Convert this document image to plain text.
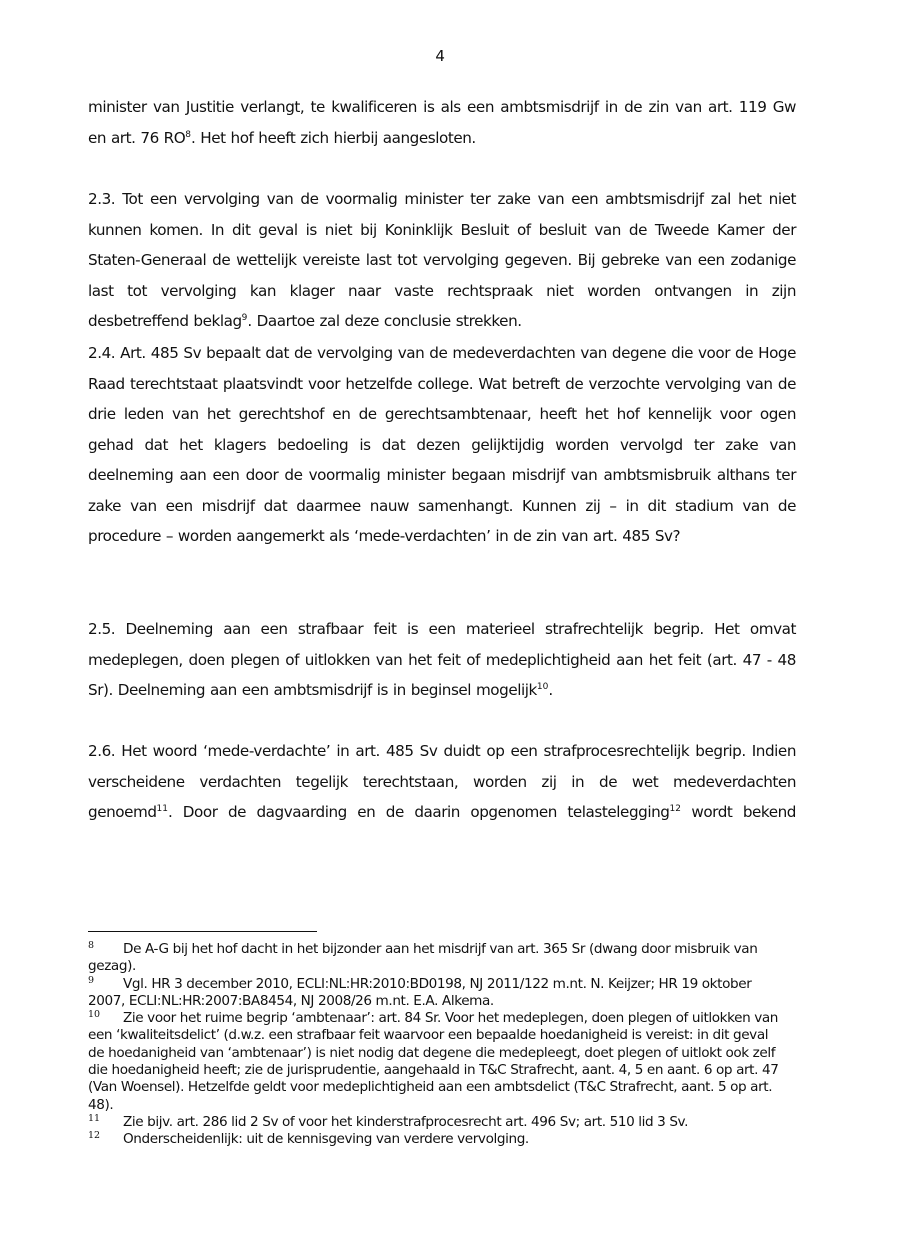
4

minister van Justitie verlangt, te kwalificeren is als een ambtsmisdrijf in de zin van art. 119 Gw en art. 76 $RO^8$. Het hof heeft zich hierbij aangesloten.

2.3. Tot een vervolging van de voormalig minister ter zake van een ambtsmisdrijf zal het niet kunnen komen. In dit geval is niet bij Koninklijk Besluit of besluit van de Tweede Kamer der Staten-Generaal de wettelijk vereiste last tot vervolging gegeven. Bij gebreke van een zodanige last tot vervolging kan klager naar vaste rechtspraak niet worden ontvangen in zijn desbetreffend beklag$^9$. Daartoe zal deze conclusie strekken.

2.4. Art. 485 Sv bepaalt dat de vervolging van de medeverdachten van degene die voor de Hoge Raad terechtstaat plaatsvindt voor hetzelfde college. Wat betreft de verzochte vervolging van de drie leden van het gerechtshof en de gerechtsambtenaar, heeft het hof kennelijk voor ogen gehad dat het klagers bedoeling is dat dezen gelijktijdig worden vervolgd ter zake van deelneming aan een door de voormalig minister begaan misdrijf van ambtsmisbruik althans ter zake van een misdrijf dat daarmee nauw samenhangt. Kunnen zij – in dit stadium van de procedure – worden aangemerkt als ‘mede-verdachten’ in de zin van art. 485 Sv?

2.5. Deelneming aan een strafbaar feit is een materieel strafrechtelijk begrip. Het omvat medeplegen, doen plegen of uitlokken van het feit of medeplichtigheid aan het feit (art. 47 - 48 Sr). Deelneming aan een ambtsmisdrijf is in beginsel mogelijk$^{10}$.

2.6. Het woord ‘mede-verdachte’ in art. 485 Sv duidt op een strafprocesrechtelijk begrip. Indien verscheidene verdachten tegelijk terechtstaan, worden zij in de wet medeverdachten genoemd$^{11}$. Door de dagvaarding en de daarin opgenomen telastelegging$^{12}$ wordt bekend

8 De A-G bij het hof dacht in het bijzonder aan het misdrijf van art. 365 Sr (dwang door misbruik van gezag).

9 Vgl. HR 3 december 2010, ECLI:NL:HR:2010:BD0198, NJ 2011/122 m.nt. N. Keijzer; HR 19 oktober 2007, ECLI:NL:HR:2007:BA8454, NJ 2008/26 m.nt. E.A. Alkema.

10 Zie voor het ruime begrip ‘ambtenaar’: art. 84 Sr. Voor het medeplegen, doen plegen of uitlokken van een ‘kwaliteitsdelict’ (d.w.z. een strafbaar feit waarvoor een bepaalde hoedanigheid is vereist: in dit geval de hoedanigheid van ‘ambtenaar’) is niet nodig dat degene die medepleegt, doet plegen of uitlokt ook zelf die hoedanigheid heeft; zie de jurisprudentie, aangehaald in T&C Strafrecht, aant. 4, 5 en aant. 6 op art. 47 (Van Woensel). Hetzelfde geldt voor medeplichtigheid aan een ambtsdelict (T&C Strafrecht, aant. 5 op art. 48).

11	Zie bijv. art. 286 lid 2 Sv of voor het kinderstrafprocesrecht art. 496 Sv; art. 510 lid 3 Sv.

12	Onderscheidenlijk: uit de kennisgeving van verdere vervolging.
